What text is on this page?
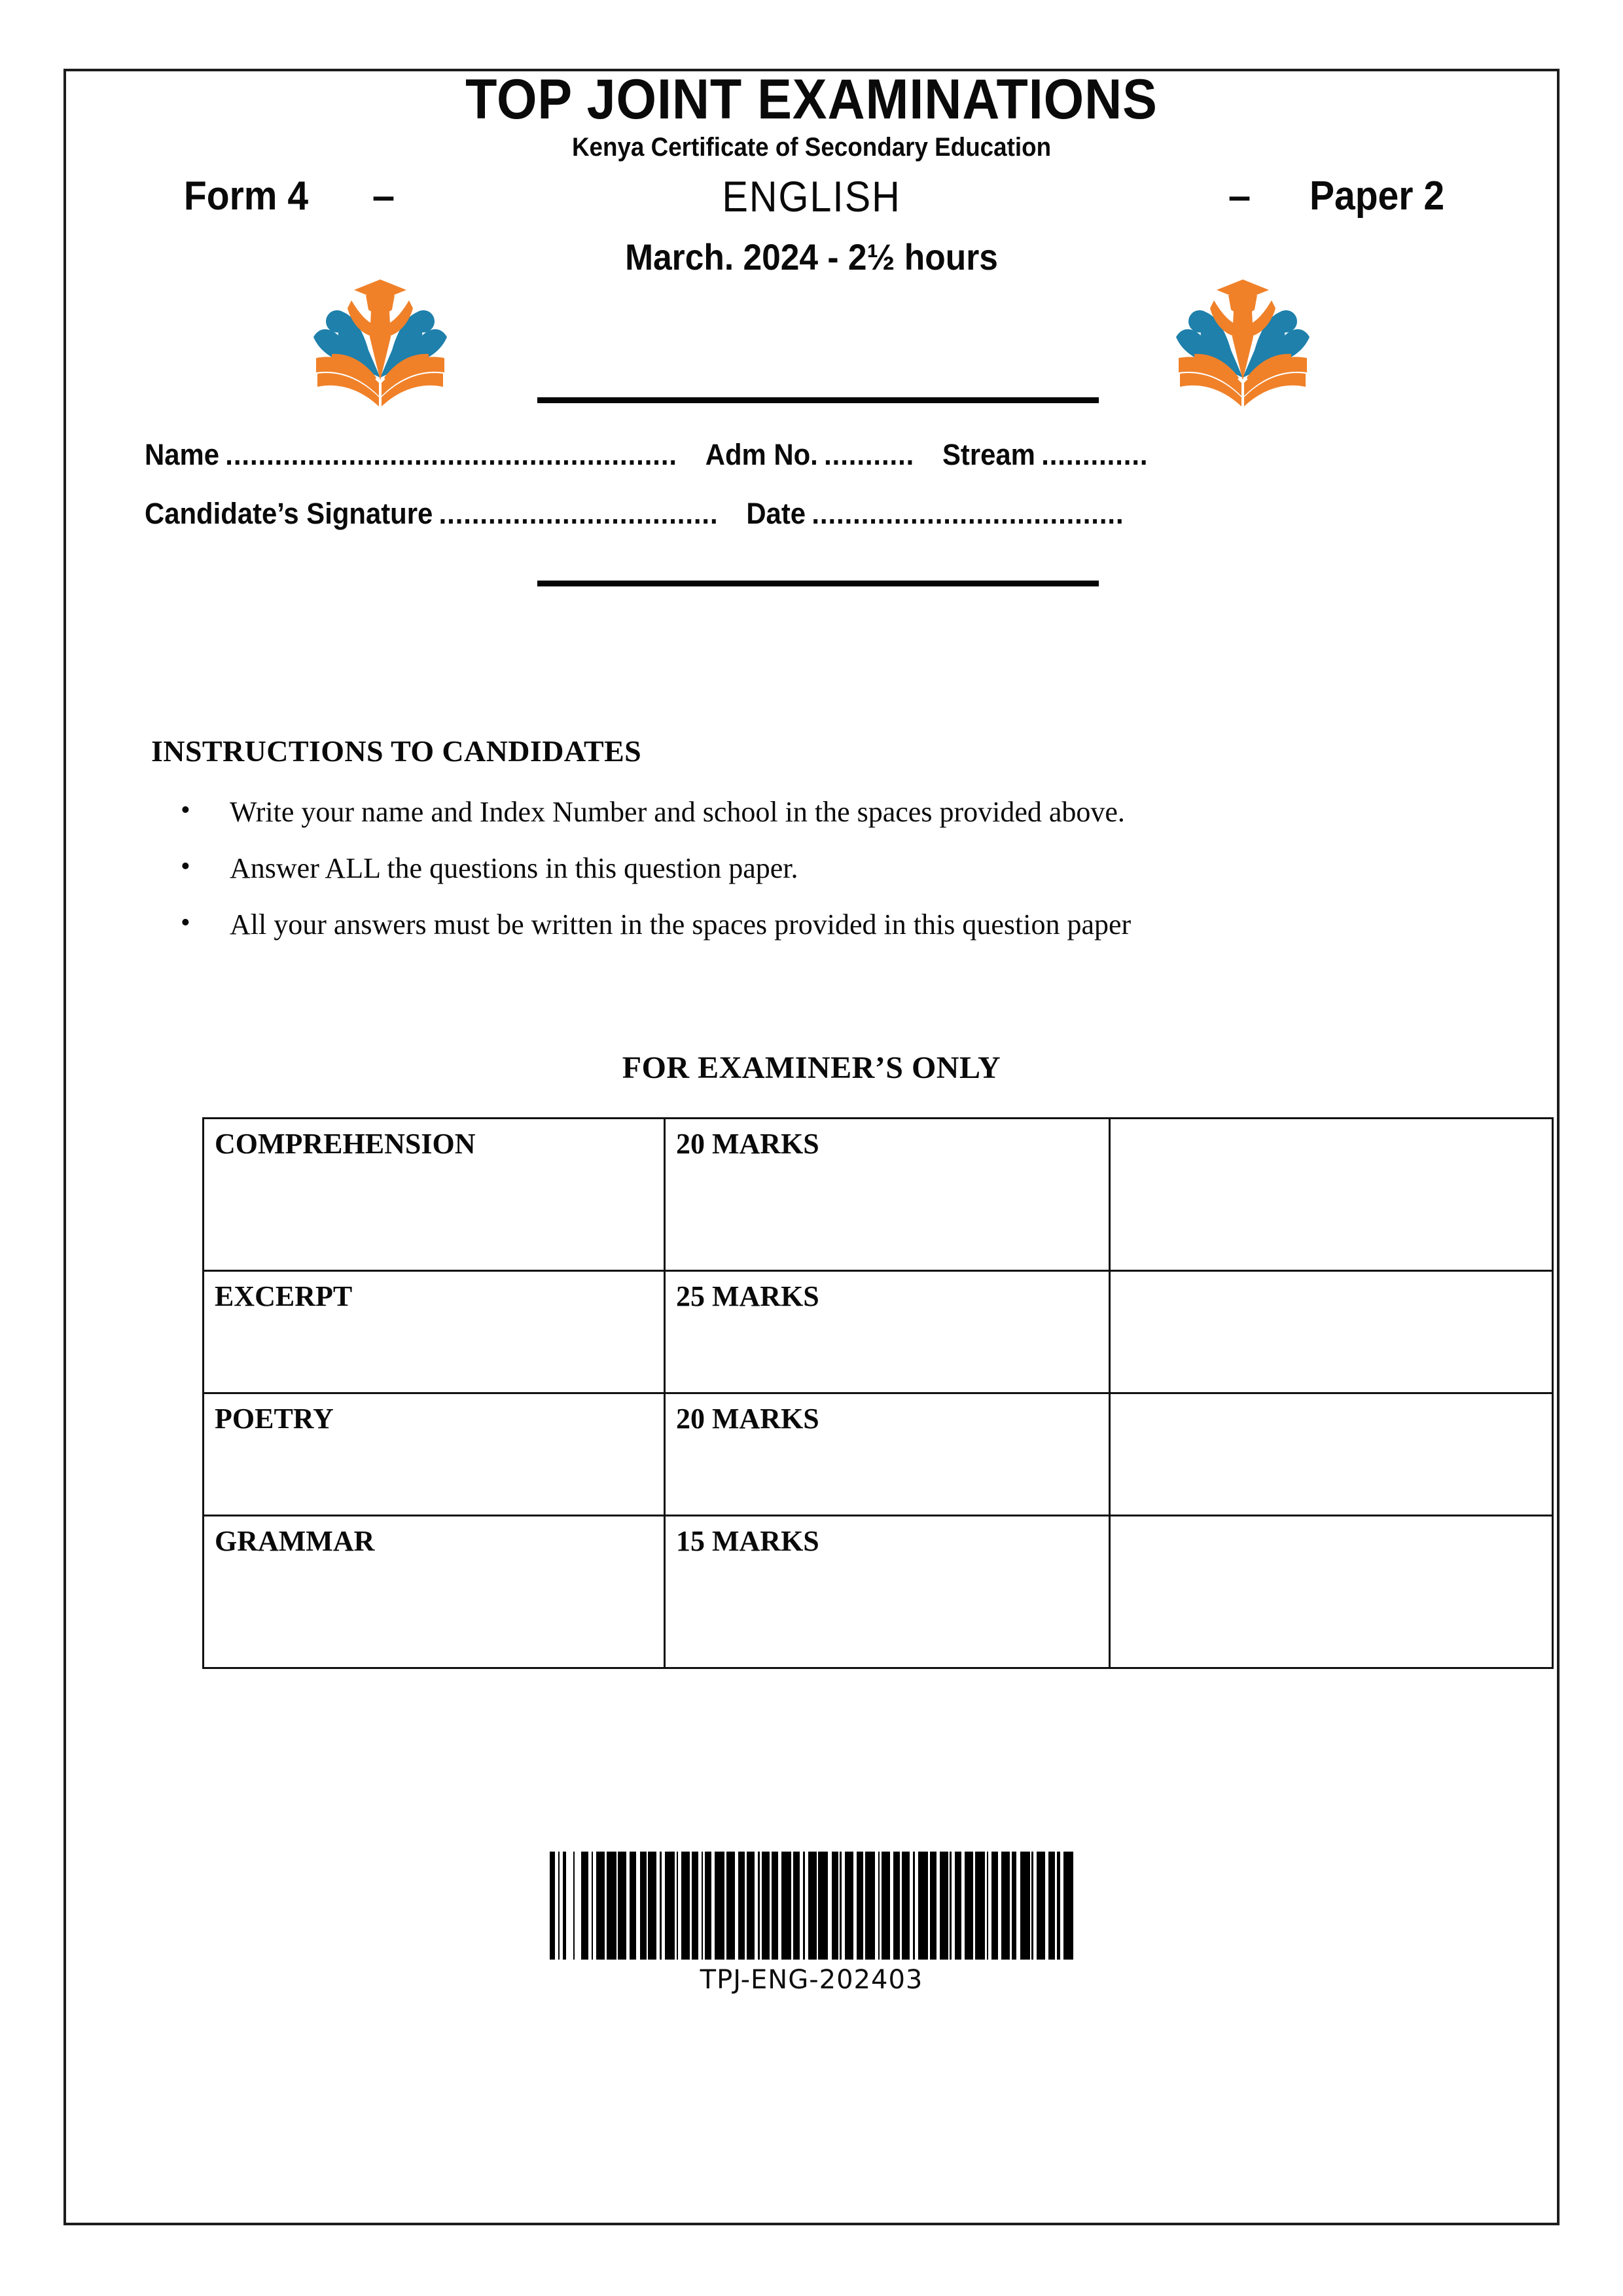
TOP JOINT EXAMINATIONS
Kenya Certificate of Secondary Education
Form 4	–	ENGLISH	–	Paper 2
March. 2024 - 2½ hours
Name ....................................................... Adm No. ........... Stream .............
Candidate’s Signature .................................. Date ......................................
INSTRUCTIONS TO CANDIDATES
• Write your name and Index Number and school in the spaces provided above.
• Answer ALL the questions in this question paper.
• All your answers must be written in the spaces provided in this question paper
FOR EXAMINER’S ONLY
COMPREHENSION	20 MARKS	
EXCERPT	25 MARKS	
POETRY	20 MARKS	
GRAMMAR	15 MARKS	
TPJ-ENG-202403
